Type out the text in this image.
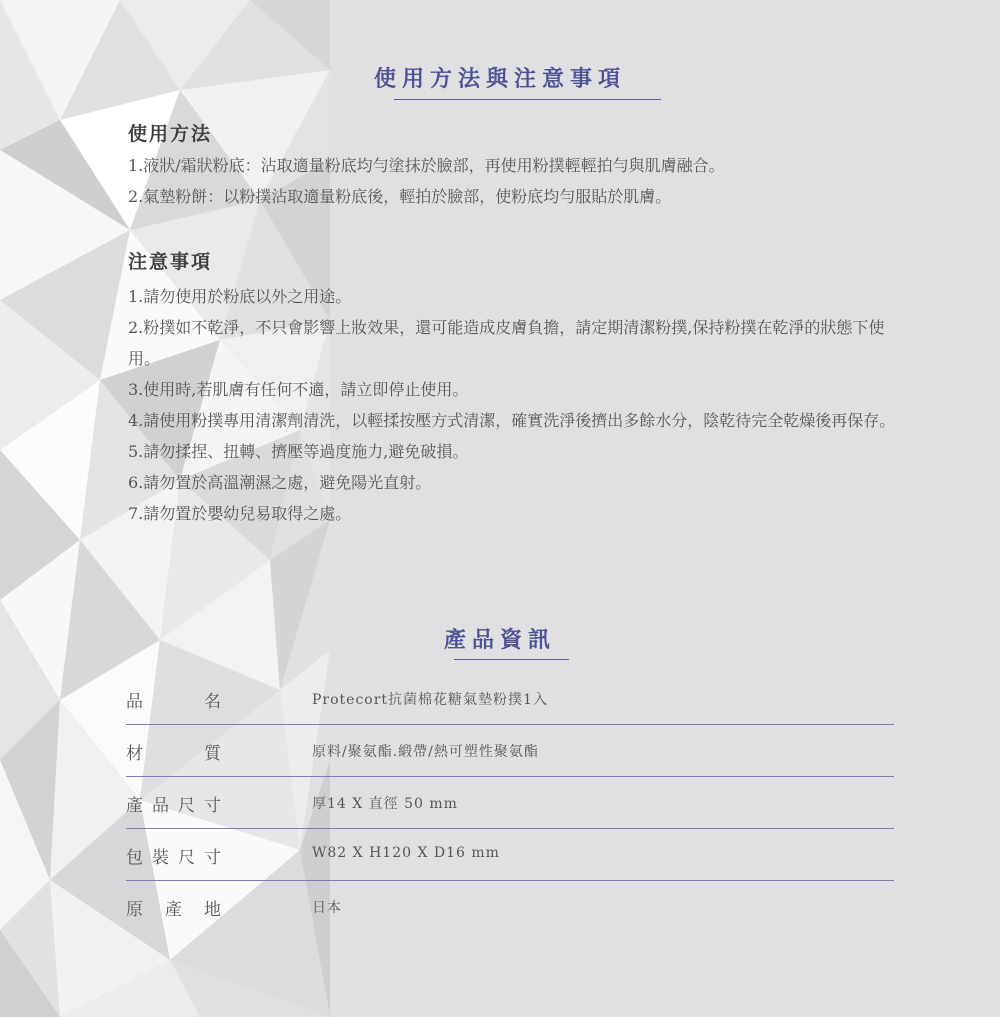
使用方法與注意事項
使用方法

1.液狀/霜狀粉底：沾取適量粉底均勻塗抹於臉部，再使用粉撲輕輕拍勻與肌膚融合。

2.氣墊粉餅：以粉撲沾取適量粉底後，輕拍於臉部，使粉底均勻服貼於肌膚。

注意事項

1.請勿使用於粉底以外之用途。

2.粉撲如不乾淨，不只會影響上妝效果，還可能造成皮膚負擔，請定期清潔粉撲,保持粉撲在乾淨的狀態下使用。

3.使用時,若肌膚有任何不適，請立即停止使用。

4.請使用粉撲專用清潔劑清洗，以輕揉按壓方式清潔，確實洗淨後擠出多餘水分，陰乾待完全乾燥後再保存。

5.請勿揉捏、扭轉、擠壓等過度施力,避免破損。

6.請勿置於高溫潮濕之處，避免陽光直射。

7.請勿置於嬰幼兒易取得之處。

產品資訊
品名	Protecort抗菌棉花糖氣墊粉撲1入
材質	原料/聚氨酯.緞帶/熱可塑性聚氨酯
產品尺寸	厚14 X 直徑 50 mm
包裝尺寸	W82 X H120 X D16 mm
原產地	日本
